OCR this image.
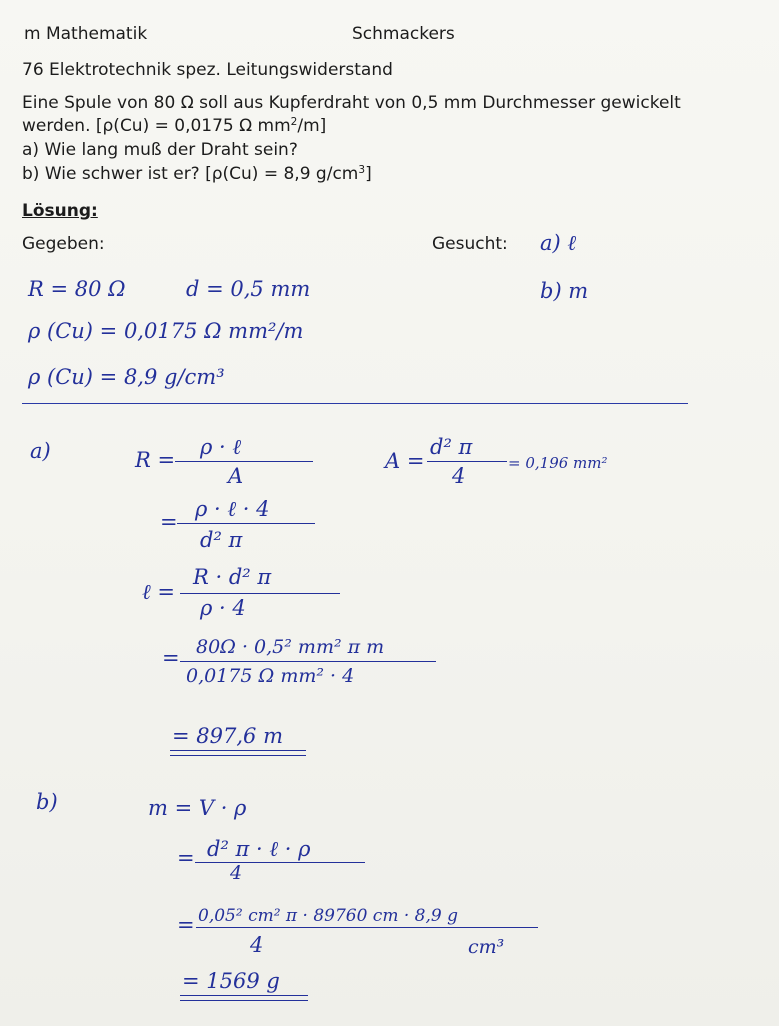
m Mathematik	Schmackers
76 Elektrotechnik spez. Leitungswiderstand
Eine Spule von 80 Ω soll aus Kupferdraht von 0,5 mm Durchmesser gewickelt
werden. [ρ(Cu) = 0,0175 Ω $mm^2/m$]
a) Wie lang muß der Draht sein?
b) Wie schwer ist er? [ρ(Cu) = 8,9 $g/cm^3$]
Lösung:
Gegeben:	Gesucht: a) ℓ
b) m
R = 80 Ω	d = 0,5 mm
ρ (Cu) = 0,0175 Ω mm²/m
ρ (Cu) = 8,9 g/cm³
a)	R =
ρ · ℓ
A
A =
d² π
4
= 0,196 mm²
=
ρ · ℓ · 4
d² π
ℓ =
R · d² π
ρ · 4
= 80Ω · 0,5² mm² π m
0,0175 Ω mm² · 4
= 897,6 m
b)	m = V · ρ
= d² π · ℓ · ρ
4
= 0,05² cm² π · 89760 cm · 8,9 g
4	cm³
= 1569 g
